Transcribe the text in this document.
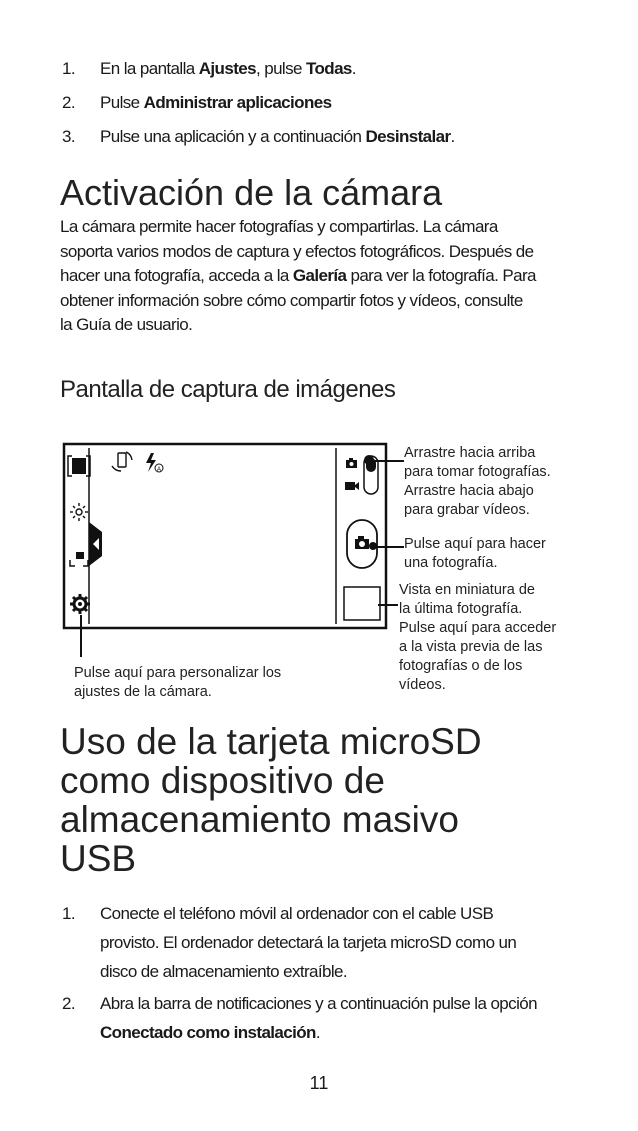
1. En la pantalla Ajustes, pulse Todas.
2. Pulse Administrar aplicaciones
3. Pulse una aplicación y a continuación Desinstalar.
Activación de la cámara
La cámara permite hacer fotografías y compartirlas. La cámara
soporta varios modos de captura y efectos fotográficos. Después de
hacer una fotografía, acceda a la Galería para ver la fotografía. Para
obtener información sobre cómo compartir fotos y vídeos, consulte
la Guía de usuario.
Pantalla de captura de imágenes
A
Arrastre hacia arriba
para tomar fotografías.
Arrastre hacia abajo
para grabar vídeos.
Pulse aquí para hacer
una fotografía.
Vista en miniatura de
la última fotografía.
Pulse aquí para acceder
a la vista previa de las
fotografías o de los
vídeos.
Pulse aquí para personalizar los
ajustes de la cámara.
Uso de la tarjeta microSD
como dispositivo de
almacenamiento masivo
USB
1. Conecte el teléfono móvil al ordenador con el cable USB
provisto. El ordenador detectará la tarjeta microSD como un
disco de almacenamiento extraíble.
2. Abra la barra de notificaciones y a continuación pulse la opción
Conectado como instalación.
11
